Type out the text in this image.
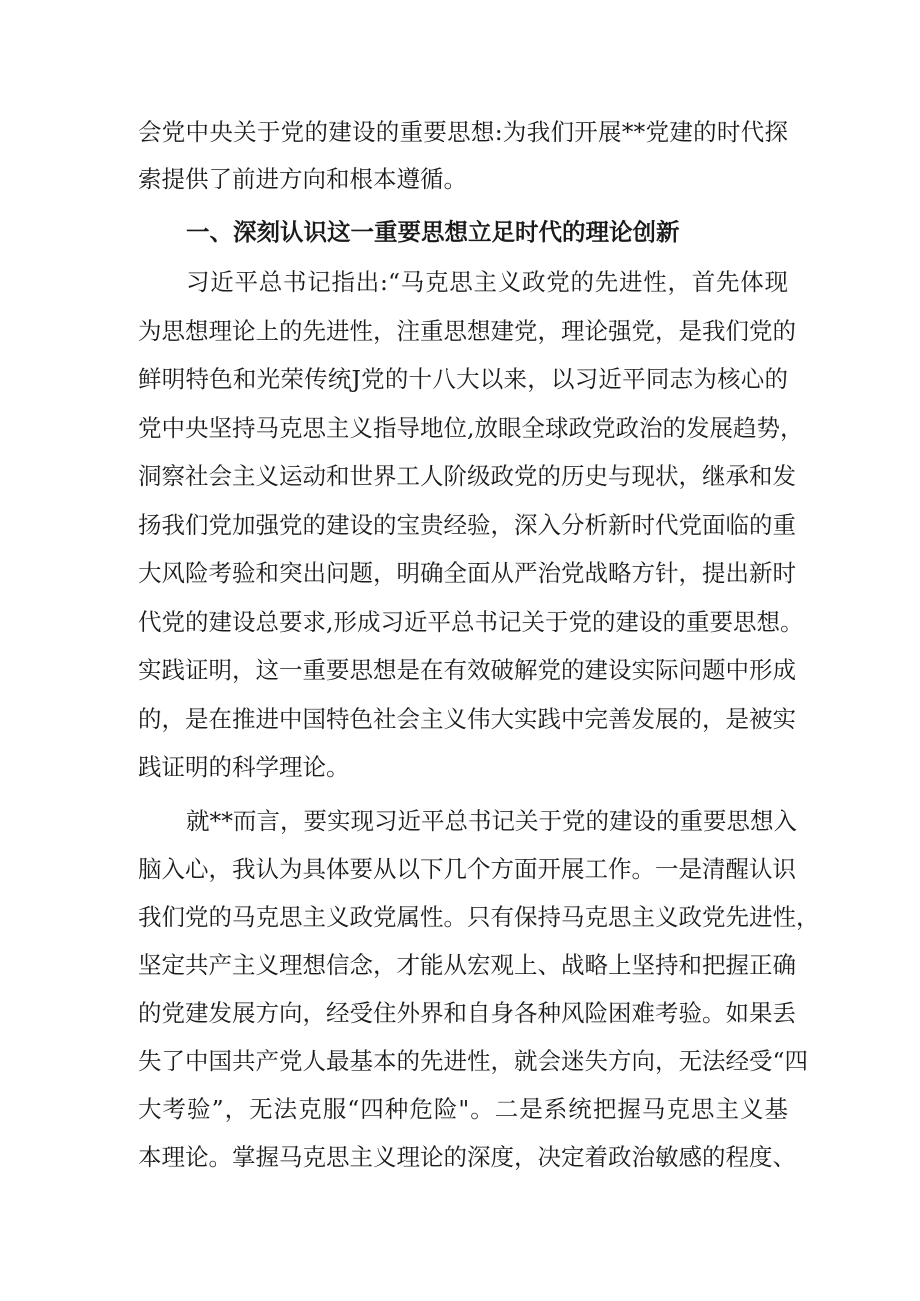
会党中央关于党的建设的重要思想:为我们开展**党建的时代探
索提供了前进方向和根本遵循。
一、深刻认识这一重要思想立足时代的理论创新
习近平总书记指出:“马克思主义政党的先进性，首先体现
为思想理论上的先进性，注重思想建党，理论强党，是我们党的
鲜明特色和光荣传统J党的十八大以来，以习近平同志为核心的
党中央坚持马克思主义指导地位,放眼全球政党政治的发展趋势，
洞察社会主义运动和世界工人阶级政党的历史与现状，继承和发
扬我们党加强党的建设的宝贵经验，深入分析新时代党面临的重
大风险考验和突出问题，明确全面从严治党战略方针，提出新时
代党的建设总要求,形成习近平总书记关于党的建设的重要思想。
实践证明，这一重要思想是在有效破解党的建设实际问题中形成
的，是在推进中国特色社会主义伟大实践中完善发展的，是被实
践证明的科学理论。
就**而言，要实现习近平总书记关于党的建设的重要思想入
脑入心，我认为具体要从以下几个方面开展工作。一是清醒认识
我们党的马克思主义政党属性。只有保持马克思主义政党先进性，
坚定共产主义理想信念，才能从宏观上、战略上坚持和把握正确
的党建发展方向，经受住外界和自身各种风险困难考验。如果丢
失了中国共产党人最基本的先进性，就会迷失方向，无法经受“四
大考验”，无法克服“四种危险"。二是系统把握马克思主义基
本理论。掌握马克思主义理论的深度，决定着政治敏感的程度、
